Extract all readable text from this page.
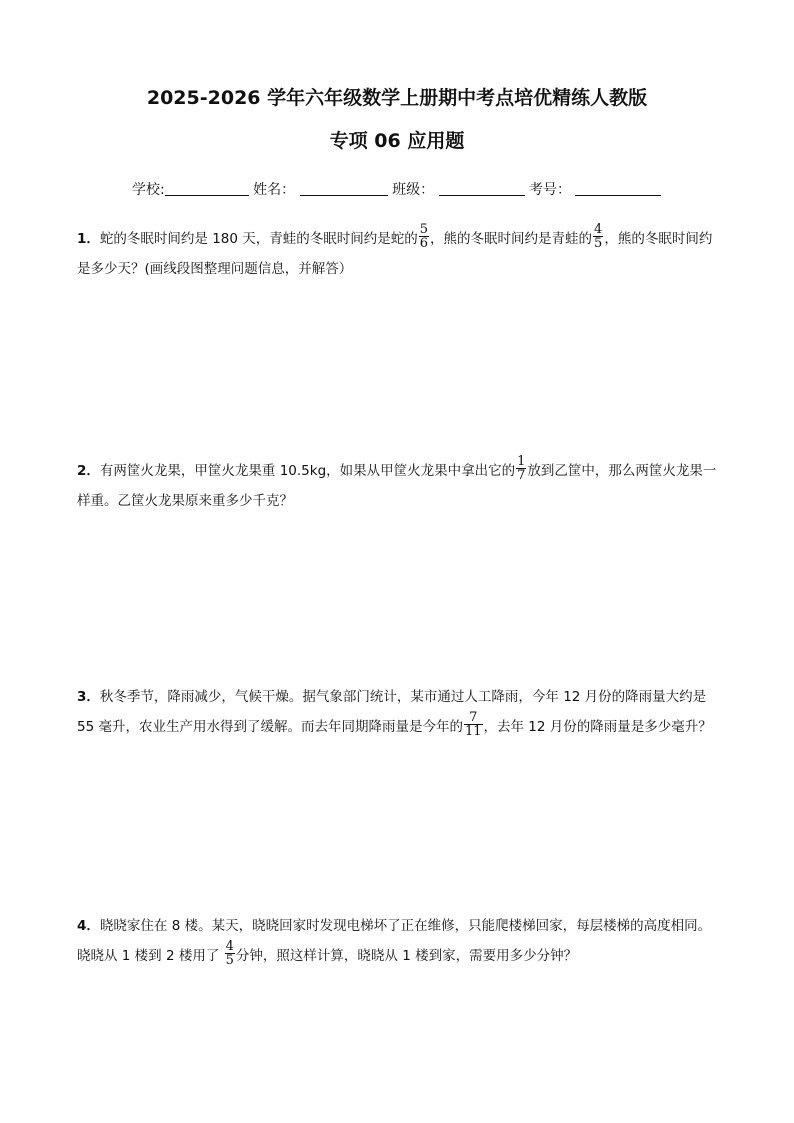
2025-2026 学年六年级数学上册期中考点培优精练人教版
专项 06 应用题
学校:	姓名：	班级：	考号：
1．蛇的冬眠时间约是 180 天，青蛙的冬眠时间约是蛇的 $\frac{5}{6}$ ，熊的冬眠时间约是青蛙的 $\frac{4}{5}$ ，熊的冬眠时间约是多少天？(画线段图整理问题信息，并解答）
2．有两筐火龙果，甲筐火龙果重 10.5kg，如果从甲筐火龙果中拿出它的 $\frac{1}{7}$ 放到乙筐中，那么两筐火龙果一样重。乙筐火龙果原来重多少千克？
3．秋冬季节，降雨减少，气候干燥。据气象部门统计，某市通过人工降雨，今年 12 月份的降雨量大约是 55 毫升，农业生产用水得到了缓解。而去年同期降雨量是今年的 $\frac{7}{11}$ ，去年 12 月份的降雨量是多少毫升？
4．晓晓家住在 8 楼。某天，晓晓回家时发现电梯坏了正在维修，只能爬楼梯回家，每层楼梯的高度相同。晓晓从 1 楼到 2 楼用了 $\frac{4}{5}$ 分钟，照这样计算，晓晓从 1 楼到家，需要用多少分钟？
